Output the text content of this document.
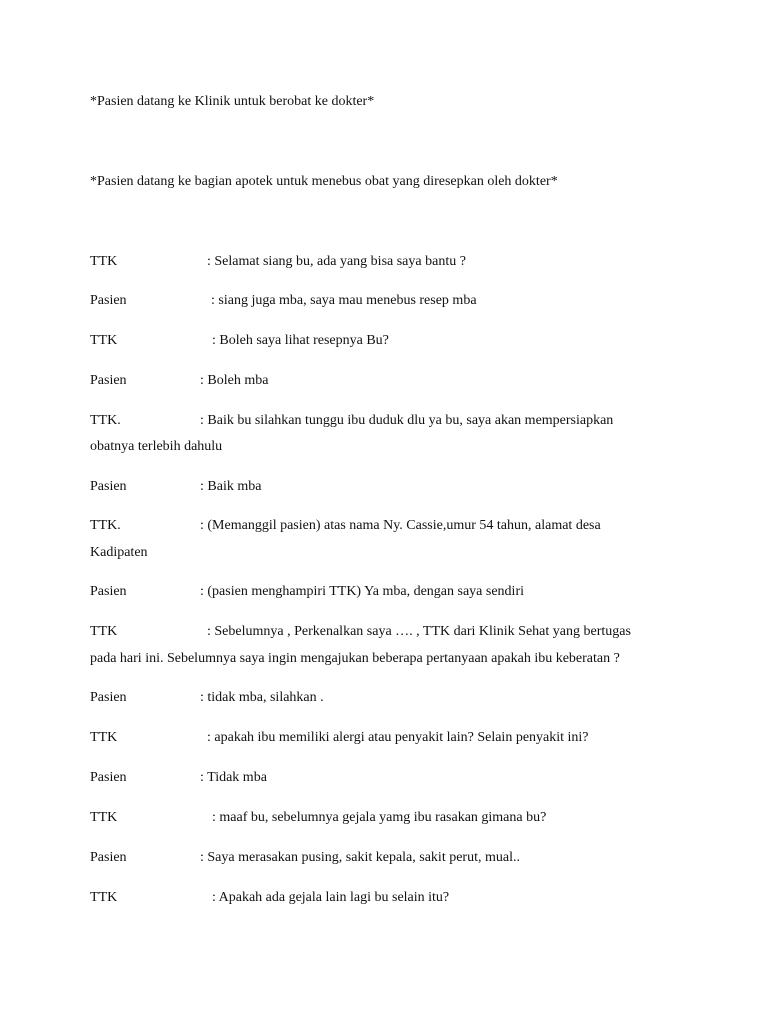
*Pasien datang ke Klinik untuk berobat ke dokter*
*Pasien datang ke bagian apotek untuk menebus obat yang diresepkan oleh dokter*
TTK	: Selamat siang bu, ada yang bisa saya bantu ?
Pasien	: siang juga mba, saya mau menebus resep mba
TTK	: Boleh saya lihat resepnya Bu?
Pasien	: Boleh mba
TTK.	: Baik bu silahkan tunggu ibu duduk dlu ya bu, saya akan mempersiapkan
obatnya terlebih dahulu
Pasien	: Baik mba
TTK.	: (Memanggil pasien) atas nama Ny. Cassie,umur 54 tahun, alamat desa
Kadipaten
Pasien	: (pasien menghampiri TTK) Ya mba, dengan saya sendiri
TTK	: Sebelumnya , Perkenalkan saya …. , TTK dari Klinik Sehat yang bertugas
pada hari ini. Sebelumnya saya ingin mengajukan beberapa pertanyaan apakah ibu keberatan ?
Pasien	: tidak mba, silahkan .
TTK	: apakah ibu memiliki alergi atau penyakit lain? Selain penyakit ini?
Pasien	: Tidak mba
TTK	: maaf bu, sebelumnya gejala yamg ibu rasakan gimana bu?
Pasien	: Saya merasakan pusing, sakit kepala, sakit perut, mual..
TTK	: Apakah ada gejala lain lagi bu selain itu?
